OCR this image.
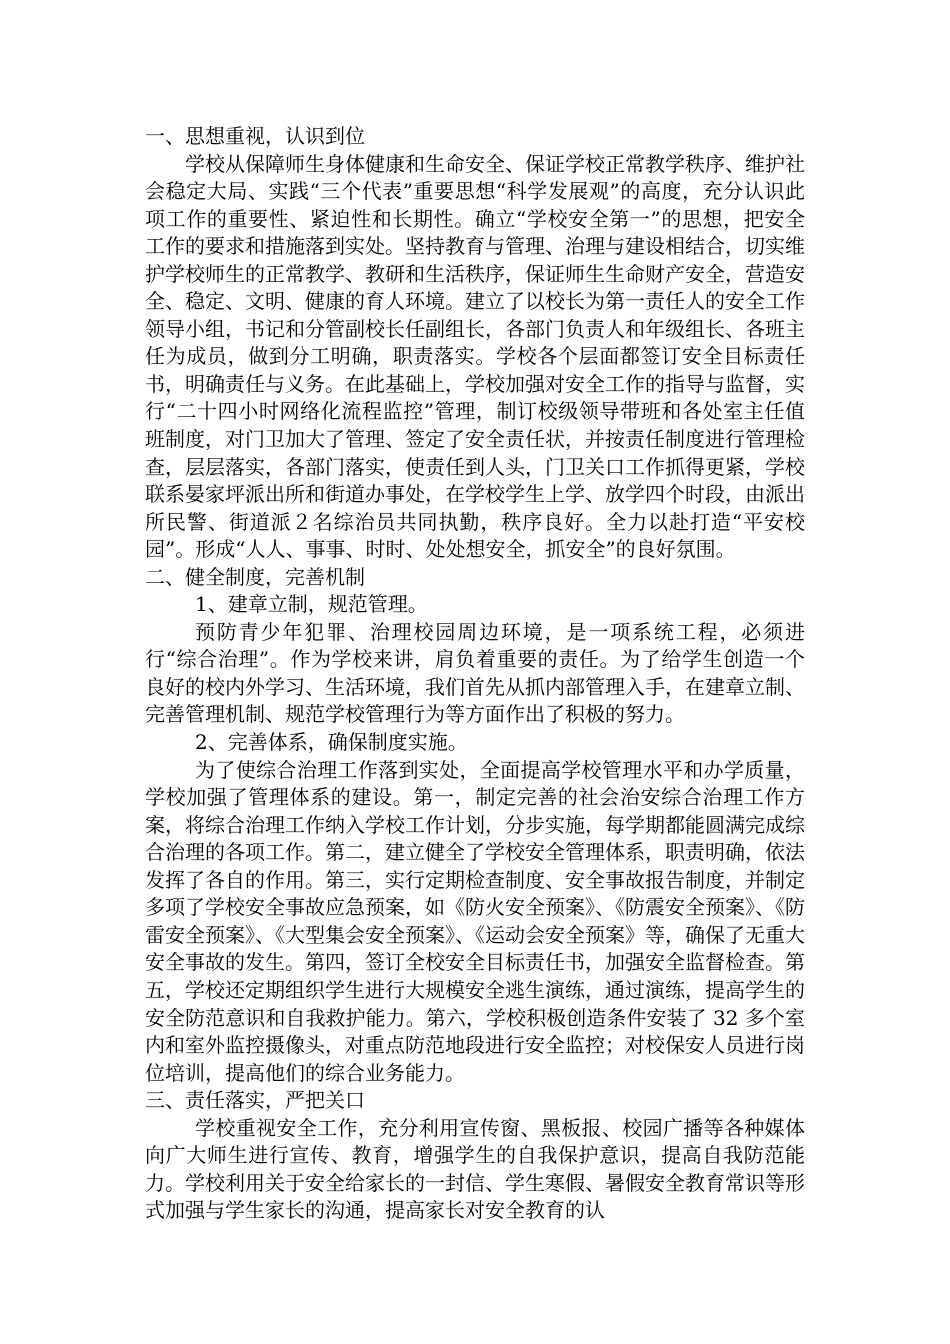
一、思想重视，认识到位

学校从保障师生身体健康和生命安全、保证学校正常教学秩序、维护社会稳定大局、实践“三个代表”重要思想“科学发展观”的高度，充分认识此项工作的重要性、紧迫性和长期性。确立“学校安全第一”的思想，把安全工作的要求和措施落到实处。坚持教育与管理、治理与建设相结合，切实维护学校师生的正常教学、教研和生活秩序，保证师生生命财产安全，营造安全、稳定、文明、健康的育人环境。建立了以校长为第一责任人的安全工作领导小组，书记和分管副校长任副组长，各部门负责人和年级组长、各班主任为成员，做到分工明确，职责落实。学校各个层面都签订安全目标责任书，明确责任与义务。在此基础上，学校加强对安全工作的指导与监督，实行“二十四小时网络化流程监控”管理，制订校级领导带班和各处室主任值班制度，对门卫加大了管理、签定了安全责任状，并按责任制度进行管理检查，层层落实，各部门落实，使责任到人头，门卫关口工作抓得更紧，学校联系晏家坪派出所和街道办事处，在学校学生上学、放学四个时段，由派出所民警、街道派２名综治员共同执勤，秩序良好。全力以赴打造“平安校园”。形成“人人、事事、时时、处处想安全，抓安全”的良好氛围。

二、健全制度，完善机制

1、建章立制，规范管理。

预防青少年犯罪、治理校园周边环境，是一项系统工程，必须进行“综合治理”。作为学校来讲，肩负着重要的责任。为了给学生创造一个良好的校内外学习、生活环境，我们首先从抓内部管理入手，在建章立制、完善管理机制、规范学校管理行为等方面作出了积极的努力。

2、完善体系，确保制度实施。

为了使综合治理工作落到实处，全面提高学校管理水平和办学质量，学校加强了管理体系的建设。第一，制定完善的社会治安综合治理工作方案，将综合治理工作纳入学校工作计划，分步实施，每学期都能圆满完成综合治理的各项工作。第二，建立健全了学校安全管理体系，职责明确，依法发挥了各自的作用。第三，实行定期检查制度、安全事故报告制度，并制定多项了学校安全事故应急预案，如《防火安全预案》、《防震安全预案》、《防雷安全预案》、《大型集会安全预案》、《运动会安全预案》等，确保了无重大安全事故的发生。第四，签订全校安全目标责任书，加强安全监督检查。第五，学校还定期组织学生进行大规模安全逃生演练，通过演练，提高学生的安全防范意识和自我救护能力。第六，学校积极创造条件安装了 32 多个室内和室外监控摄像头，对重点防范地段进行安全监控；对校保安人员进行岗位培训，提高他们的综合业务能力。

三、责任落实，严把关口

学校重视安全工作，充分利用宣传窗、黑板报、校园广播等各种媒体向广大师生进行宣传、教育，增强学生的自我保护意识，提高自我防范能力。学校利用关于安全给家长的一封信、学生寒假、暑假安全教育常识等形式加强与学生家长的沟通，提高家长对安全教育的认
